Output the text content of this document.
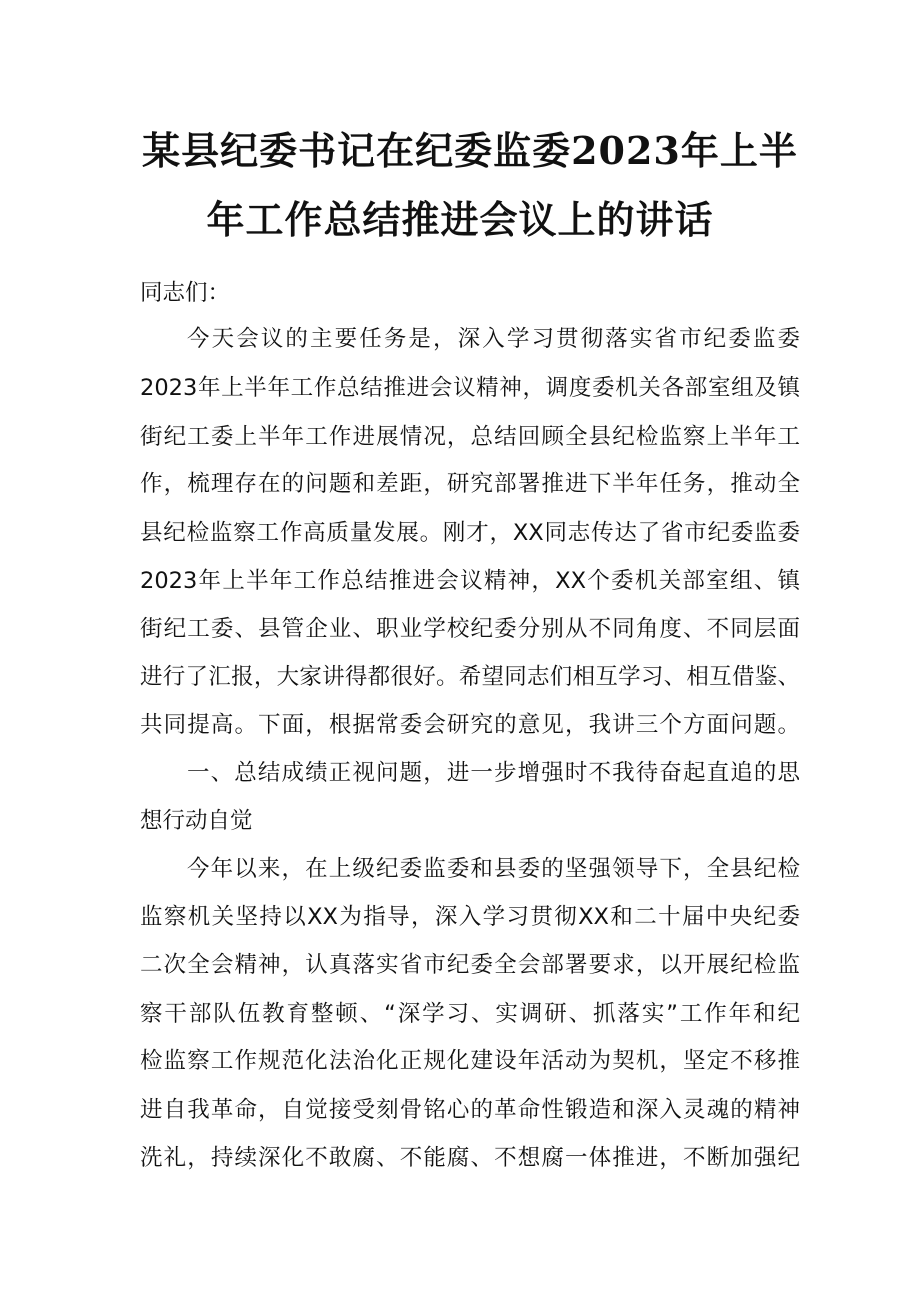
某县纪委书记在纪委监委2023年上半
年工作总结推进会议上的讲话
同志们：
今天会议的主要任务是，深入学习贯彻落实省市纪委监委
2023年上半年工作总结推进会议精神，调度委机关各部室组及镇
街纪工委上半年工作进展情况，总结回顾全县纪检监察上半年工
作，梳理存在的问题和差距，研究部署推进下半年任务，推动全
县纪检监察工作高质量发展。刚才，XX同志传达了省市纪委监委
2023年上半年工作总结推进会议精神，XX个委机关部室组、镇
街纪工委、县管企业、职业学校纪委分别从不同角度、不同层面
进行了汇报，大家讲得都很好。希望同志们相互学习、相互借鉴、
共同提高。下面，根据常委会研究的意见，我讲三个方面问题。
一、总结成绩正视问题，进一步增强时不我待奋起直追的思
想行动自觉
今年以来，在上级纪委监委和县委的坚强领导下，全县纪检
监察机关坚持以XX为指导，深入学习贯彻XX和二十届中央纪委
二次全会精神，认真落实省市纪委全会部署要求，以开展纪检监
察干部队伍教育整顿、“深学习、实调研、抓落实”工作年和纪
检监察工作规范化法治化正规化建设年活动为契机，坚定不移推
进自我革命，自觉接受刻骨铭心的革命性锻造和深入灵魂的精神
洗礼，持续深化不敢腐、不能腐、不想腐一体推进，不断加强纪
